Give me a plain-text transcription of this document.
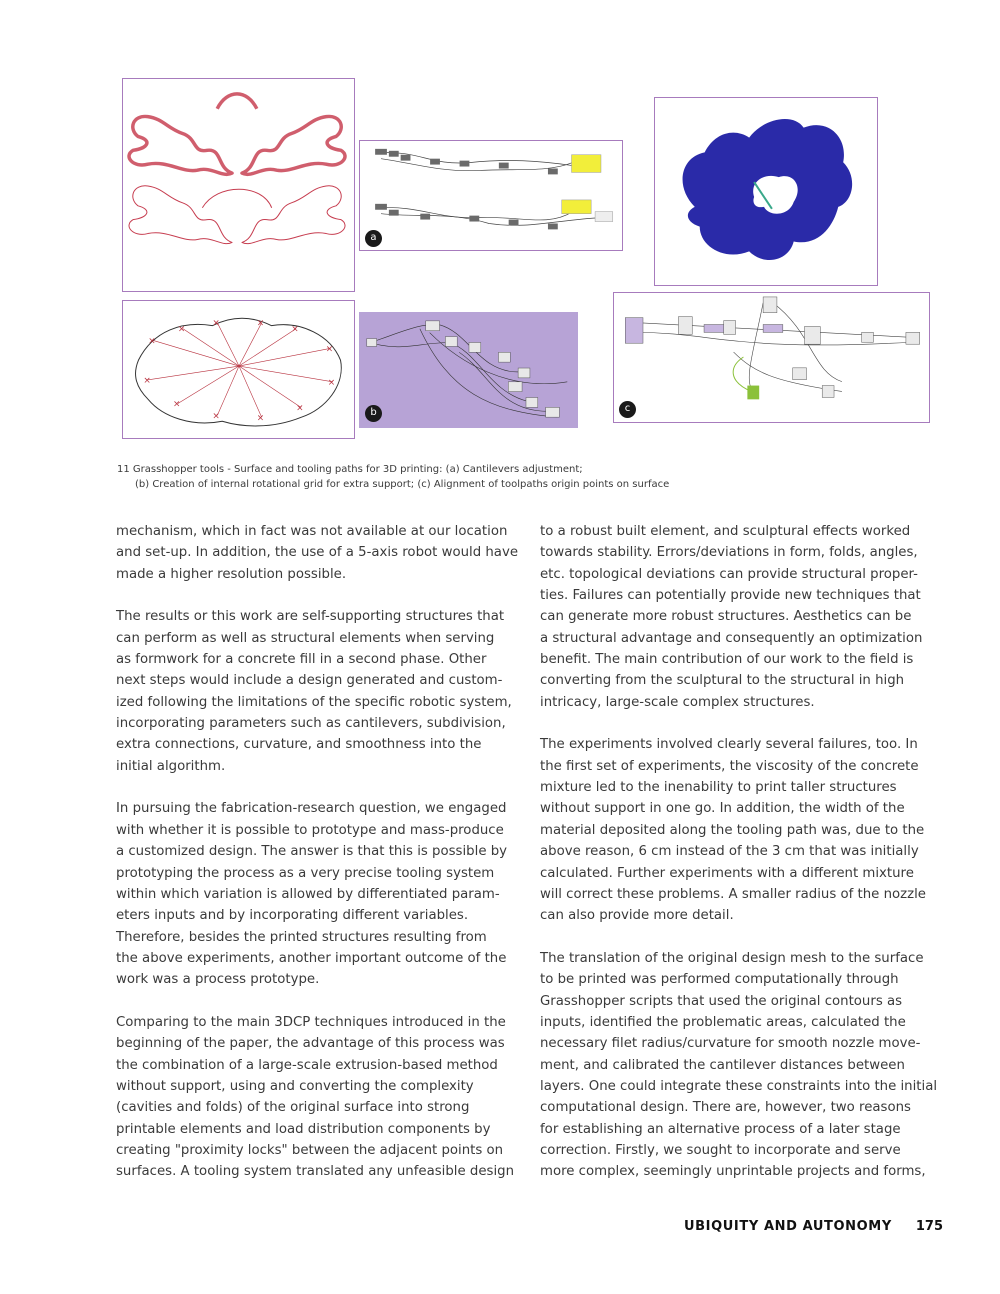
×
×
×	×
×
×
×
×
×
×
×
×
a
b	c
11 Grasshopper tools - Surface and tooling paths for 3D printing: (a) Cantilevers adjustment;
(b) Creation of internal rotational grid for extra support; (c) Alignment of toolpaths origin points on surface

mechanism, which in fact was not available at our location
and set-up. In addition, the use of a 5-axis robot would have
made a higher resolution possible.

The results or this work are self-supporting structures that
can perform as well as structural elements when serving
as formwork for a concrete fill in a second phase. Other
next steps would include a design generated and custom-
ized following the limitations of the specific robotic system,
incorporating parameters such as cantilevers, subdivision,
extra connections, curvature, and smoothness into the
initial algorithm.

In pursuing the fabrication-research question, we engaged
with whether it is possible to prototype and mass-produce
a customized design. The answer is that this is possible by
prototyping the process as a very precise tooling system
within which variation is allowed by differentiated param-
eters inputs and by incorporating different variables.
Therefore, besides the printed structures resulting from
the above experiments, another important outcome of the
work was a process prototype.

Comparing to the main 3DCP techniques introduced in the
beginning of the paper, the advantage of this process was
the combination of a large-scale extrusion-based method
without support, using and converting the complexity
(cavities and folds) of the original surface into strong
printable elements and load distribution components by
creating "proximity locks" between the adjacent points on
surfaces. A tooling system translated any unfeasible design

to a robust built element, and sculptural effects worked
towards stability. Errors/deviations in form, folds, angles,
etc. topological deviations can provide structural proper-
ties. Failures can potentially provide new techniques that
can generate more robust structures. Aesthetics can be
a structural advantage and consequently an optimization
benefit. The main contribution of our work to the field is
converting from the sculptural to the structural in high
intricacy, large-scale complex structures.

The experiments involved clearly several failures, too. In
the first set of experiments, the viscosity of the concrete
mixture led to the inenability to print taller structures
without support in one go. In addition, the width of the
material deposited along the tooling path was, due to the
above reason, 6 cm instead of the 3 cm that was initially
calculated. Further experiments with a different mixture
will correct these problems. A smaller radius of the nozzle
can also provide more detail.

The translation of the original design mesh to the surface
to be printed was performed computationally through
Grasshopper scripts that used the original contours as
inputs, identified the problematic areas, calculated the
necessary filet radius/curvature for smooth nozzle move-
ment, and calibrated the cantilever distances between
layers. One could integrate these constraints into the initial
computational design. There are, however, two reasons
for establishing an alternative process of a later stage
correction. Firstly, we sought to incorporate and serve
more complex, seemingly unprintable projects and forms,

UBIQUITY AND AUTONOMY 175
